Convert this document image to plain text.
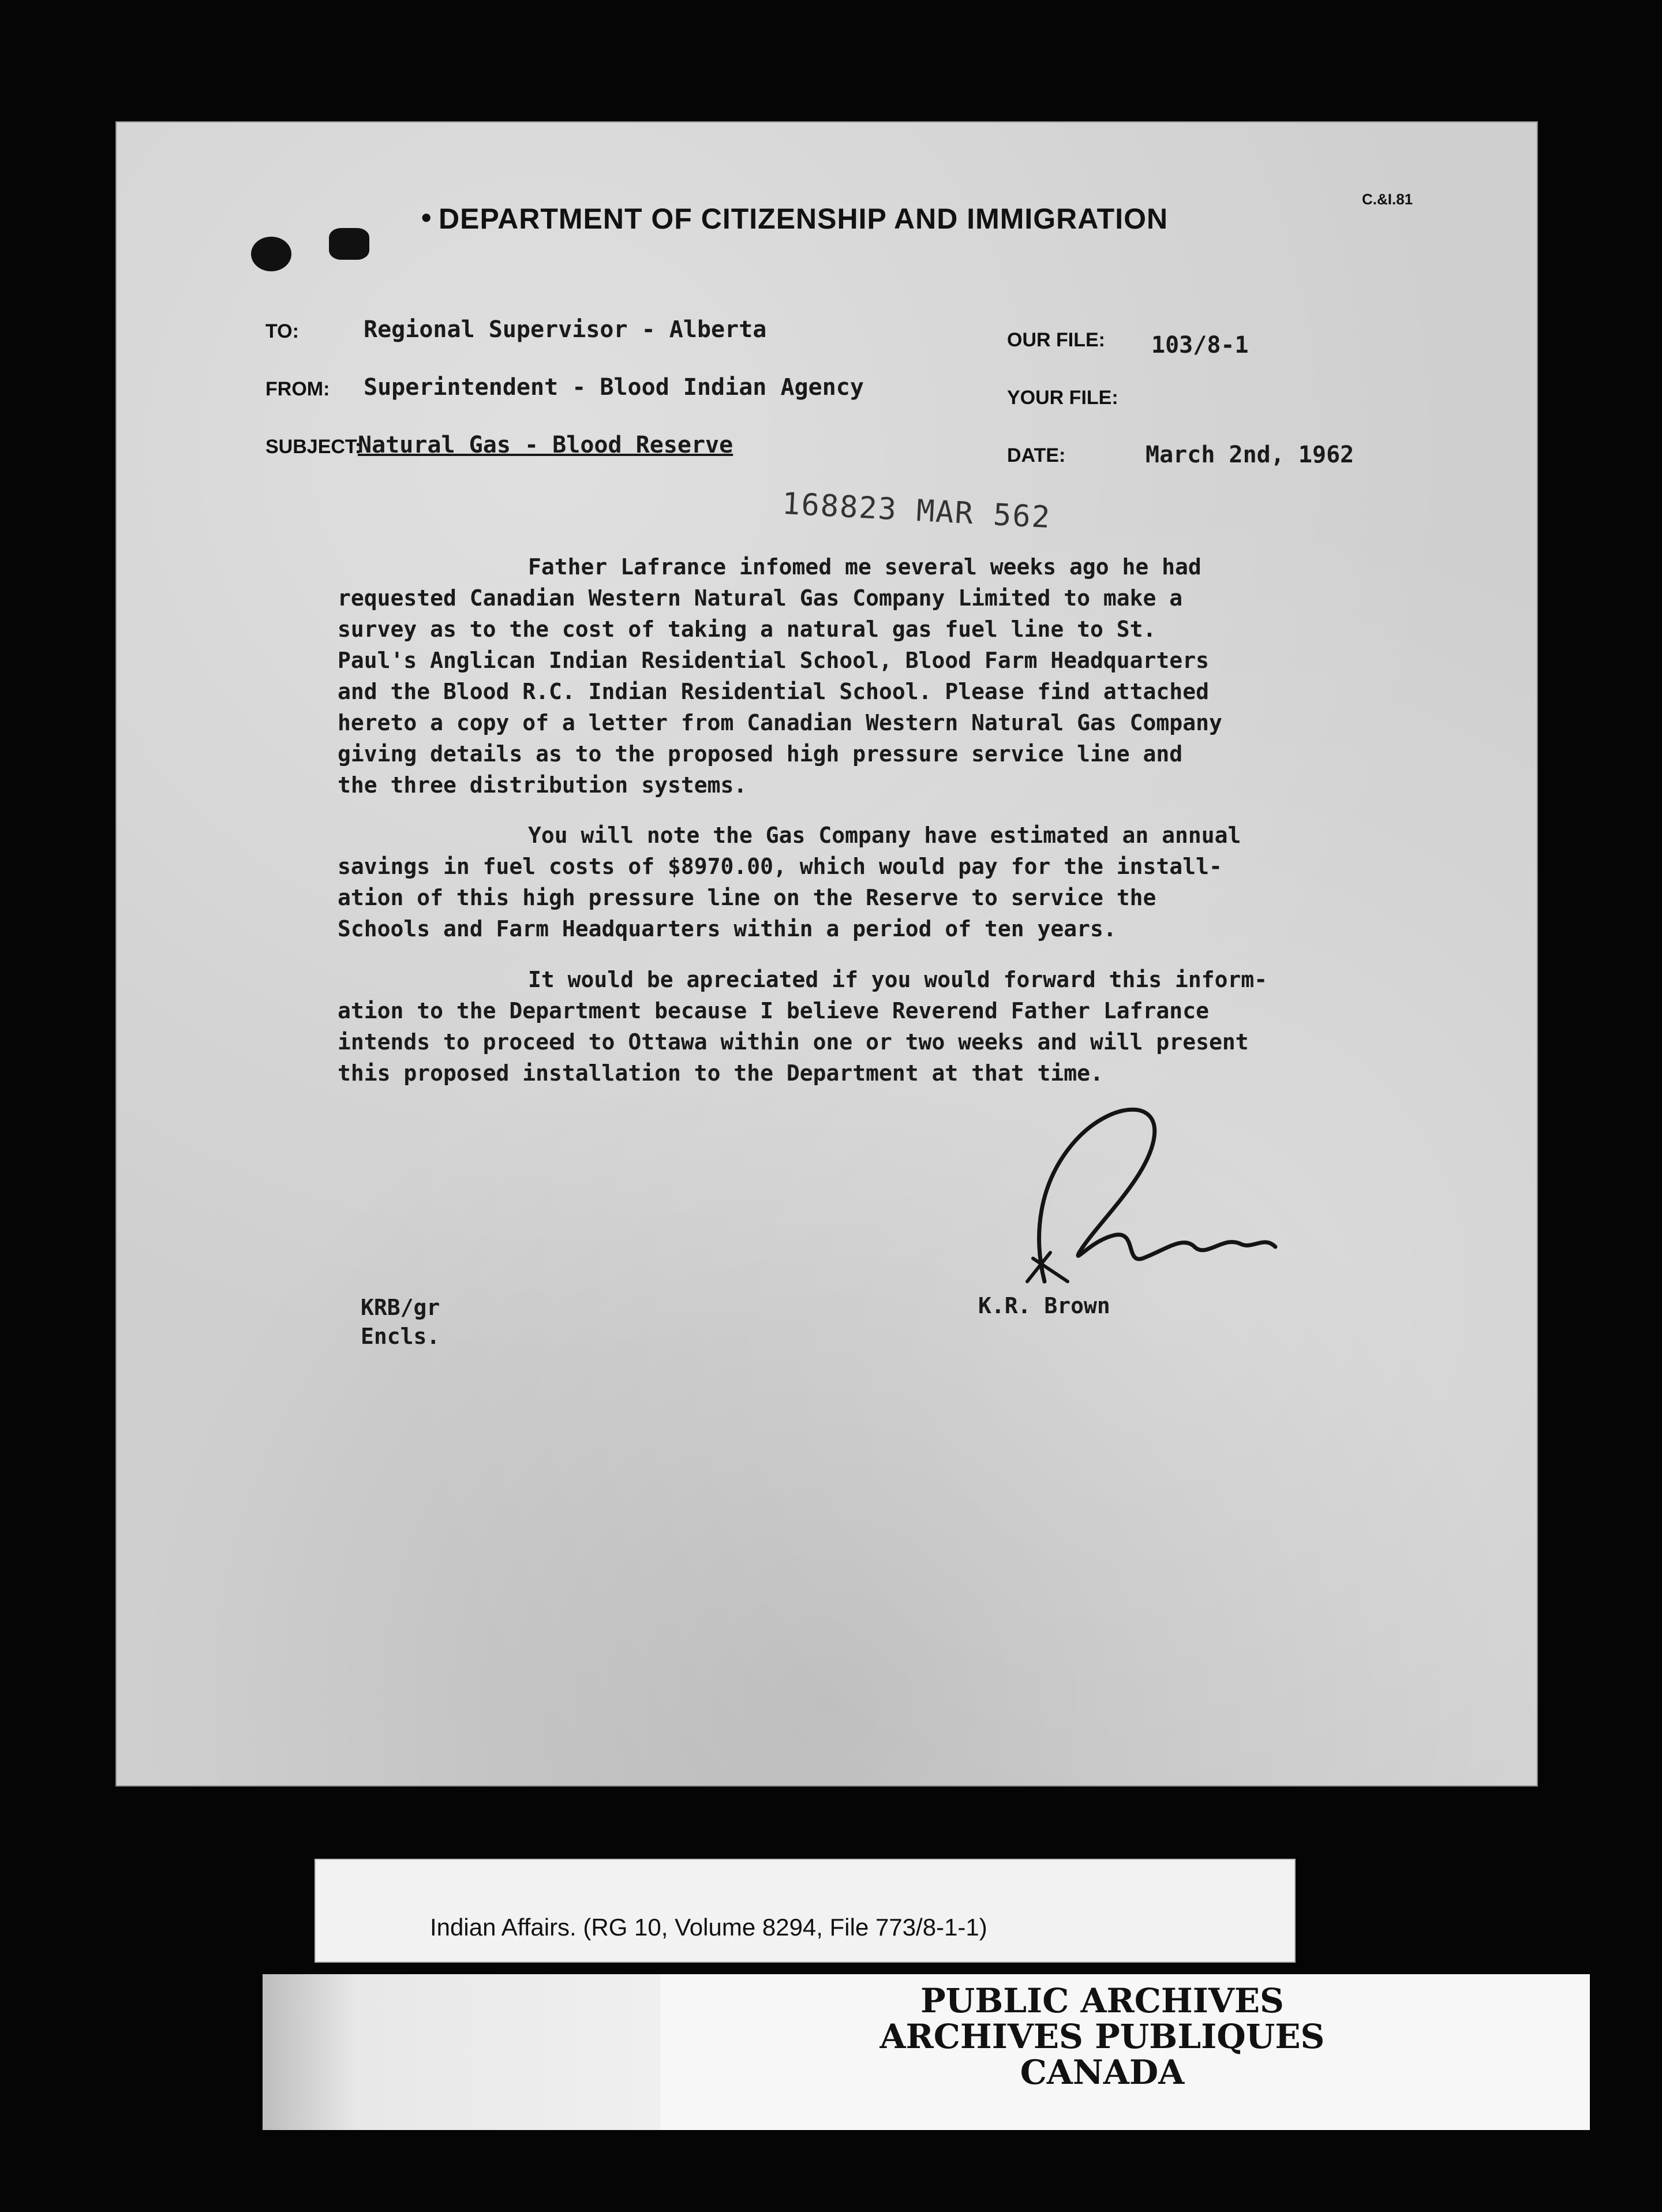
C.&I.81
• DEPARTMENT OF CITIZENSHIP AND IMMIGRATION
TO:	Regional Supervisor - Alberta
FROM: Superintendent - Blood Indian Agency
SUBJECT:
Natural Gas - Blood Reserve
OUR FILE: 103/8-1
YOUR FILE:
DATE:	March 2nd, 1962
168823 MAR 562

Father Lafrance infomed me several weeks ago he had
requested Canadian Western Natural Gas Company Limited to make a
survey as to the cost of taking a natural gas fuel line to St.
Paul's Anglican Indian Residential School, Blood Farm Headquarters
and the Blood R.C. Indian Residential School. Please find attached
hereto a copy of a letter from Canadian Western Natural Gas Company
giving details as to the proposed high pressure service line and
the three distribution systems.

You will note the Gas Company have estimated an annual
savings in fuel costs of $8970.00, which would pay for the install-
ation of this high pressure line on the Reserve to service the
Schools and Farm Headquarters within a period of ten years.

It would be apreciated if you would forward this inform-
ation to the Department because I believe Reverend Father Lafrance
intends to proceed to Ottawa within one or two weeks and will present
this proposed installation to the Department at that time.

KRB/gr
Encls.
K.R. Brown
Indian Affairs. (RG 10, Volume 8294, File 773/8-1-1)
PUBLIC ARCHIVES
ARCHIVES PUBLIQUES
CANADA
